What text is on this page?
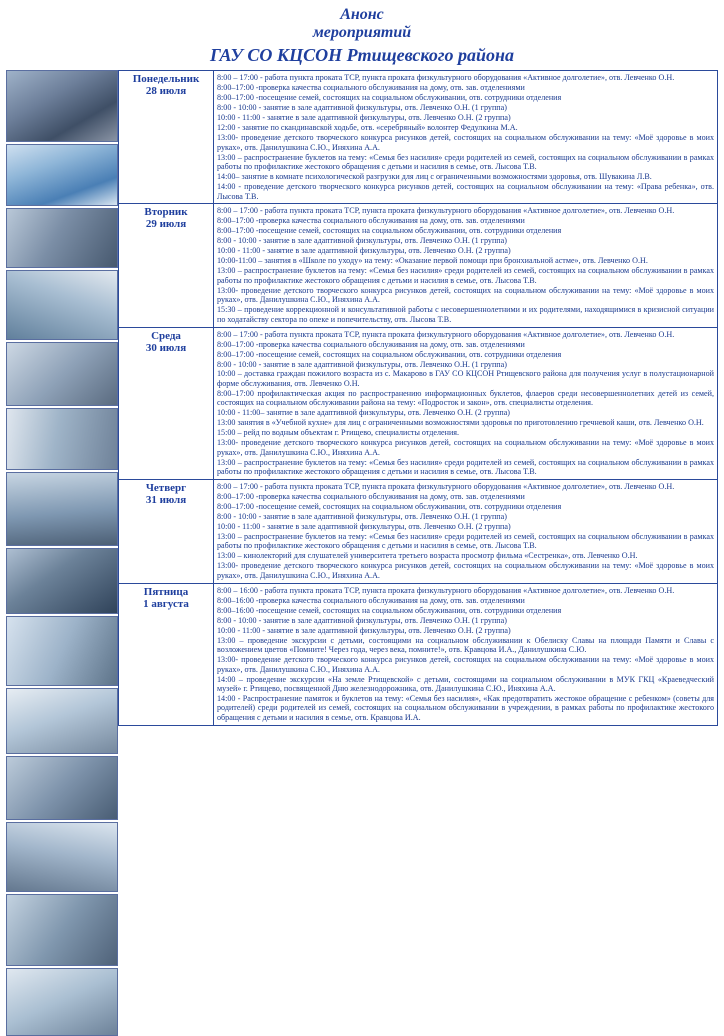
Анонс
мероприятий
ГАУ СО КЦСОН Ртищевского района
Понедельник
28 июля

8:00 – 17:00 - работа пункта проката ТСР, пункта проката физкультурного оборудования «Активное долголетие», отв. Левченко О.Н.

8:00–17:00 -проверка качества социального обслуживания на дому, отв. зав. отделениями

8:00–17:00 -посещение семей, состоящих на социальном обслуживании, отв. сотрудники отделения

8:00 - 10:00 - занятие в зале адаптивной физкультуры, отв. Левченко О.Н. (1 группа)

10:00 - 11:00 - занятие в зале адаптивной физкультуры, отв. Левченко О.Н. (2 группа)

12:00 - занятие по скандинавской ходьбе, отв. «серебряный» волонтер Федулкина М.А.

13:00- проведение детского творческого конкурса рисунков детей, состоящих на социальном обслуживании на тему: «Моё здоровье в моих руках», отв. Данилушкина С.Ю., Иняхина А.А.

13:00 – распространение буклетов на тему: «Семья без насилия» среди родителей из семей, состоящих на социальном обслуживании в рамках работы по профилактике жестокого обращения с детьми и насилия в семье, отв. Лысова Т.В.

14:00– занятие в комнате психологической разгрузки для лиц с ограниченными возможностями здоровья, отв. Шувакина Л.В.

14:00 - проведение детского творческого конкурса рисунков детей, состоящих на социальном обслуживании на тему: «Права ребенка», отв. Лысова Т.В.

Вторник
29 июля

8:00 – 17:00 - работа пункта проката ТСР, пункта проката физкультурного оборудования «Активное долголетие», отв. Левченко О.Н.

8:00–17:00 -проверка качества социального обслуживания на дому, отв. зав. отделениями

8:00–17:00 -посещение семей, состоящих на социальном обслуживании, отв. сотрудники отделения

8:00 - 10:00 - занятие в зале адаптивной физкультуры, отв. Левченко О.Н. (1 группа)

10:00 - 11:00 - занятие в зале адаптивной физкультуры, отв. Левченко О.Н. (2 группа)

10:00-11:00 – занятия в «Школе по уходу» на тему: «Оказание первой помощи при бронхиальной астме», отв. Левченко О.Н.

13:00 – распространение буклетов на тему: «Семья без насилия» среди родителей из семей, состоящих на социальном обслуживании в рамках работы по профилактике жестокого обращения с детьми и насилия в семье, отв. Лысова Т.В.

13:00- проведение детского творческого конкурса рисунков детей, состоящих на социальном обслуживании на тему: «Моё здоровье в моих руках», отв. Данилушкина С.Ю., Иняхина А.А.

15:30 – проведение коррекционной и консультативной работы с несовершеннолетними и их родителями, находящимися в кризисной ситуации по ходатайству сектора по опеке и попечительству, отв. Лысова Т.В.

Среда
30 июля

8:00 – 17:00 - работа пункта проката ТСР, пункта проката физкультурного оборудования «Активное долголетие», отв. Левченко О.Н.

8:00–17:00 -проверка качества социального обслуживания на дому, отв. зав. отделениями

8:00–17:00 -посещение семей, состоящих на социальном обслуживании, отв. сотрудники отделения

8:00 - 10:00 - занятие в зале адаптивной физкультуры, отв. Левченко О.Н. (1 группа)

10:00 – доставка граждан пожилого возраста из с. Макарово в ГАУ СО КЦСОН Ртищевского района для получения услуг в полустационарной форме обслуживания, отв. Левченко О.Н.

8:00–17:00 профилактическая акция по распространению информационных буклетов, флаеров среди несовершеннолетних детей из семей, состоящих на социальном обслуживании района на тему: «Подросток и закон», отв. специалисты отделения.

10:00 - 11:00– занятие в зале адаптивной физкультуры, отв. Левченко О.Н. (2 группа)

13:00 занятия в «Учебной кухне» для лиц с ограниченными возможностями здоровья по приготовлению гречневой каши, отв. Левченко О.Н.

15:00 – рейд по водным объектам г. Ртищево, специалисты отделения.

13:00- проведение детского творческого конкурса рисунков детей, состоящих на социальном обслуживании на тему: «Моё здоровье в моих руках», отв. Данилушкина С.Ю., Иняхина А.А.

13:00 – распространение буклетов на тему: «Семья без насилия» среди родителей из семей, состоящих на социальном обслуживании в рамках работы по профилактике жестокого обращения с детьми и насилия в семье, отв. Лысова Т.В.

Четверг
31 июля

8:00 – 17:00 - работа пункта проката ТСР, пункта проката физкультурного оборудования «Активное долголетие», отв. Левченко О.Н.

8:00–17:00 -проверка качества социального обслуживания на дому, отв. зав. отделениями

8:00–17:00 -посещение семей, состоящих на социальном обслуживании, отв. сотрудники отделения

8:00 - 10:00 - занятие в зале адаптивной физкультуры, отв. Левченко О.Н. (1 группа)

10:00 - 11:00 - занятие в зале адаптивной физкультуры, отв. Левченко О.Н. (2 группа)

13:00 – распространение буклетов на тему: «Семья без насилия» среди родителей из семей, состоящих на социальном обслуживании в рамках работы по профилактике жестокого обращения с детьми и насилия в семье, отв. Лысова Т.В.

13:00 – кинолекторий для слушателей университета третьего возраста просмотр фильма «Сестренка», отв. Левченко О.Н.

13:00- проведение детского творческого конкурса рисунков детей, состоящих на социальном обслуживании на тему: «Моё здоровье в моих руках», отв. Данилушкина С.Ю., Иняхина А.А.

Пятница
1 августа

8:00 – 16:00 - работа пункта проката ТСР, пункта проката физкультурного оборудования «Активное долголетие», отв. Левченко О.Н.

8:00–16:00 -проверка качества социального обслуживания на дому, отв. зав. отделениями

8:00–16:00 -посещение семей, состоящих на социальном обслуживании, отв. сотрудники отделения

8:00 - 10:00 - занятие в зале адаптивной физкультуры, отв. Левченко О.Н. (1 группа)

10:00 - 11:00 - занятие в зале адаптивной физкультуры, отв. Левченко О.Н. (2 группа)

13:00 – проведение экскурсии с детьми, состоящими на социальном обслуживании к Обелиску Славы на площади Памяти и Славы с возложением цветов «Помните! Через года, через века, помните!», отв. Кравцова И.А., Данилушкина С.Ю.

13:00- проведение детского творческого конкурса рисунков детей, состоящих на социальном обслуживании на тему: «Моё здоровье в моих руках», отв. Данилушкина С.Ю., Иняхина А.А.

14:00 – проведение экскурсии «На земле Ртищевской» с детьми, состоящими на социальном обслуживании в МУК ГКЦ «Краеведческий музей» г. Ртищево, посвященной Дню железнодорожника, отв. Данилушкина С.Ю., Иняхина А.А.

14:00 - Распространение памяток и буклетов на тему: «Семья без насилия», «Как предотвратить жестокое обращение с ребенком» (советы для родителей) среди родителей из семей, состоящих на социальном обслуживании в учреждении, в рамках работы по профилактике жестокого обращения с детьми и насилия в семье, отв. Кравцова И.А.
